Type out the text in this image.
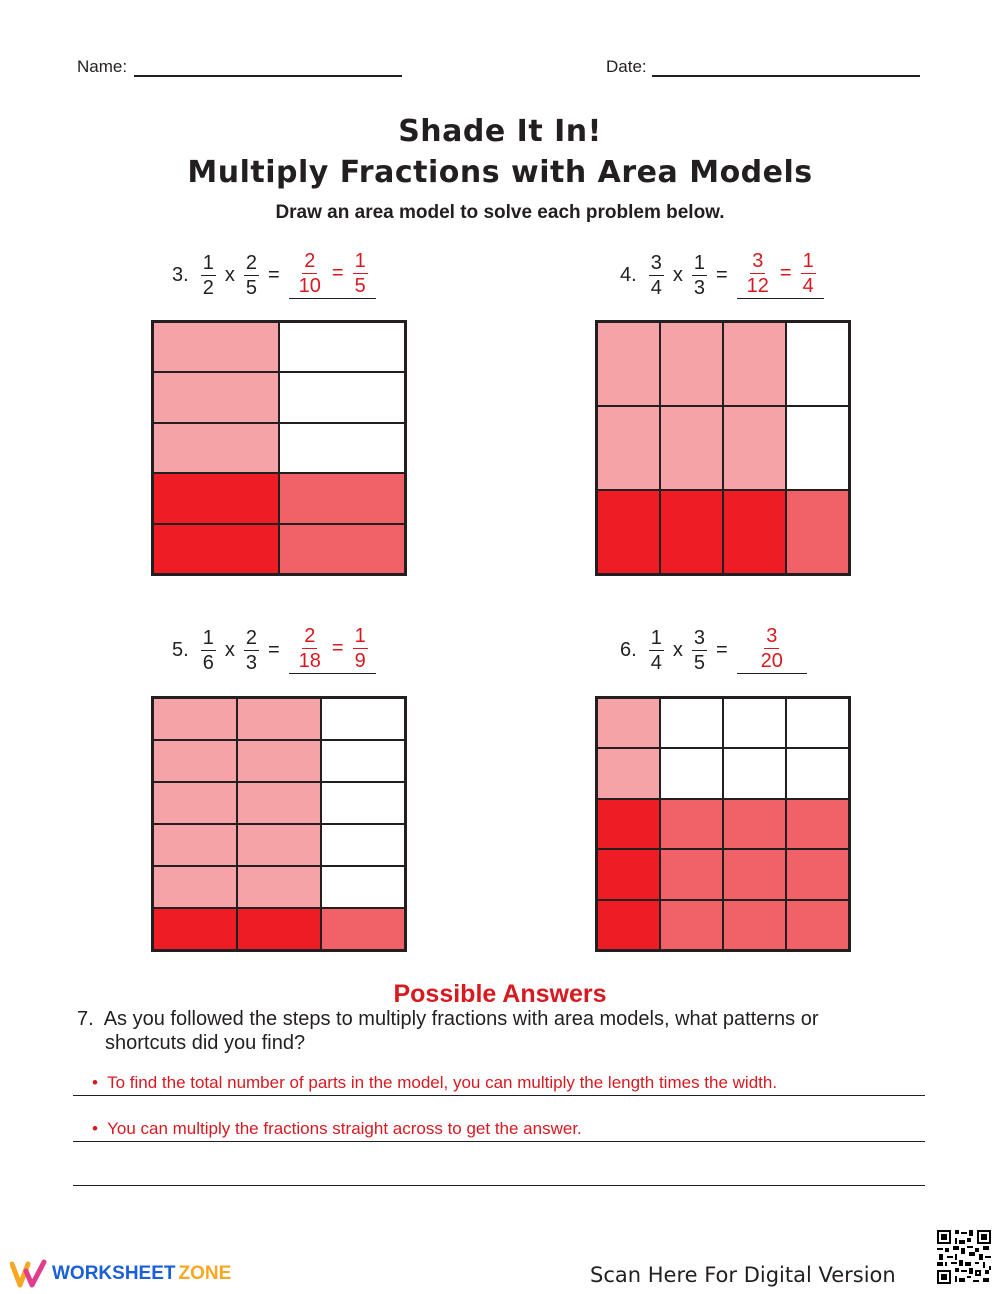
Name:	Date:
Shade It In!
Multiply Fractions with Area Models
Draw an area model to solve each problem below.
3. $\frac{1}{2}$ x $\frac{2}{5} = \frac{2}{10} = \frac{1}{5}$	4. $\frac{3}{4}$ x $\frac{1}{3} = \frac{3}{12} = \frac{1}{4}$
5. $\frac{1}{6}$ x $\frac{2}{3} = \frac{2}{18} = \frac{1}{9}$	6. $\frac{1}{4}$ x $\frac{3}{5} = \frac{3}{20}$
Possible Answers
7. As you followed the steps to multiply fractions with area models, what patterns or
shortcuts did you find?
• To find the total number of parts in the model, you can multiply the length times the width.
• You can multiply the fractions straight across to get the answer.
WORKSHEET ZONE	Scan Here For Digital Version
